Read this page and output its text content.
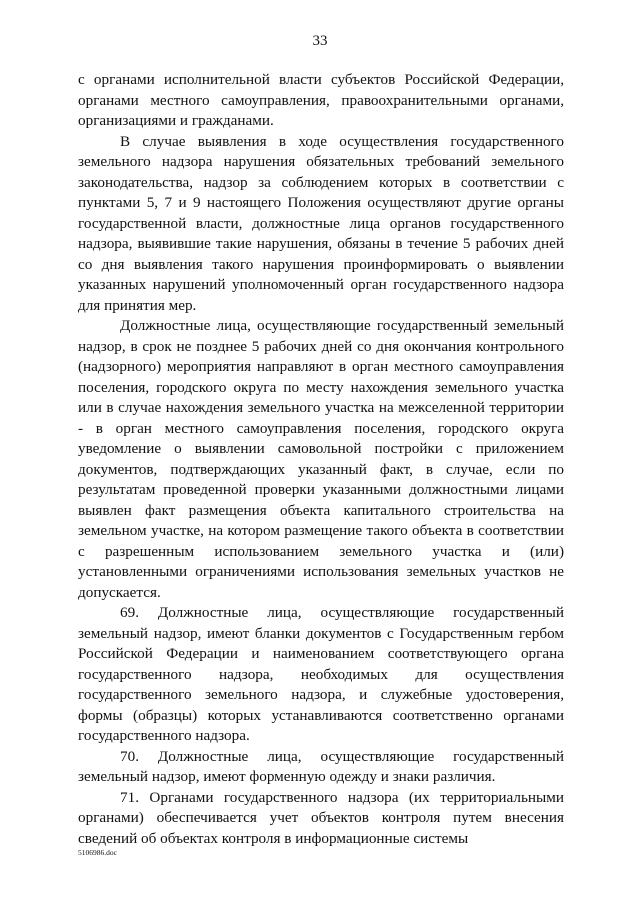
33

с органами исполнительной власти субъектов Российской Федерации, органами местного самоуправления, правоохранительными органами, организациями и гражданами.

В случае выявления в ходе осуществления государственного земельного надзора нарушения обязательных требований земельного законодательства, надзор за соблюдением которых в соответствии с пунктами 5, 7 и 9 настоящего Положения осуществляют другие органы государственной власти, должностные лица органов государственного надзора, выявившие такие нарушения, обязаны в течение 5 рабочих дней со дня выявления такого нарушения проинформировать о выявлении указанных нарушений уполномоченный орган государственного надзора для принятия мер.

Должностные лица, осуществляющие государственный земельный надзор, в срок не позднее 5 рабочих дней со дня окончания контрольного (надзорного) мероприятия направляют в орган местного самоуправления поселения, городского округа по месту нахождения земельного участка или в случае нахождения земельного участка на межселенной территории - в орган местного самоуправления поселения, городского округа уведомление о выявлении самовольной постройки с приложением документов, подтверждающих указанный факт, в случае, если по результатам проведенной проверки указанными должностными лицами выявлен факт размещения объекта капитального строительства на земельном участке, на котором размещение такого объекта в соответствии с разрешенным использованием земельного участка и (или) установленными ограничениями использования земельных участков не допускается.

69. Должностные лица, осуществляющие государственный земельный надзор, имеют бланки документов с Государственным гербом Российской Федерации и наименованием соответствующего органа государственного надзора, необходимых для осуществления государственного земельного надзора, и служебные удостоверения, формы (образцы) которых устанавливаются соответственно органами государственного надзора.

70. Должностные лица, осуществляющие государственный земельный надзор, имеют форменную одежду и знаки различия.

71. Органами государственного надзора (их территориальными органами) обеспечивается учет объектов контроля путем внесения сведений об объектах контроля в информационные системы

5106986.doc
